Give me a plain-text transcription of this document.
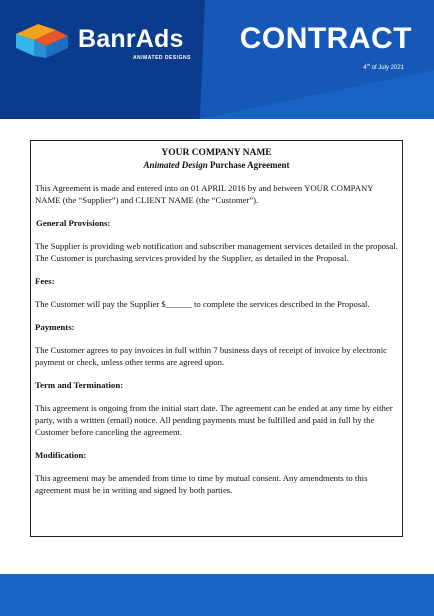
BanrAds
ANIMATED DESIGNS
CONTRACT
4th of July 2021
YOUR COMPANY NAME
Animated Design Purchase Agreement

This Agreement is made and entered into on 01 APRIL 2016 by and between YOUR COMPANY NAME (the “Supplier”) and CLIENT NAME (the “Customer”).

General Provisions:

The Supplier is providing web notification and subscriber management services detailed in the proposal. The Customer is purchasing services provided by the Supplier, as detailed in the Proposal.

Fees:

The Customer will pay the Supplier $______ to complete the services described in the Proposal.

Payments:

The Customer agrees to pay invoices in full within 7 business days of receipt of invoice by electronic payment or check, unless other terms are agreed upon.

Term and Termination:

This agreement is ongoing from the initial start date. The agreement can be ended at any time by either party, with a written (email) notice. All pending payments must be fulfilled and paid in full by the Customer before canceling the agreement.

Modification:

This agreement may be amended from time to time by mutual consent. Any amendments to this agreement must be in writing and signed by both parties.
